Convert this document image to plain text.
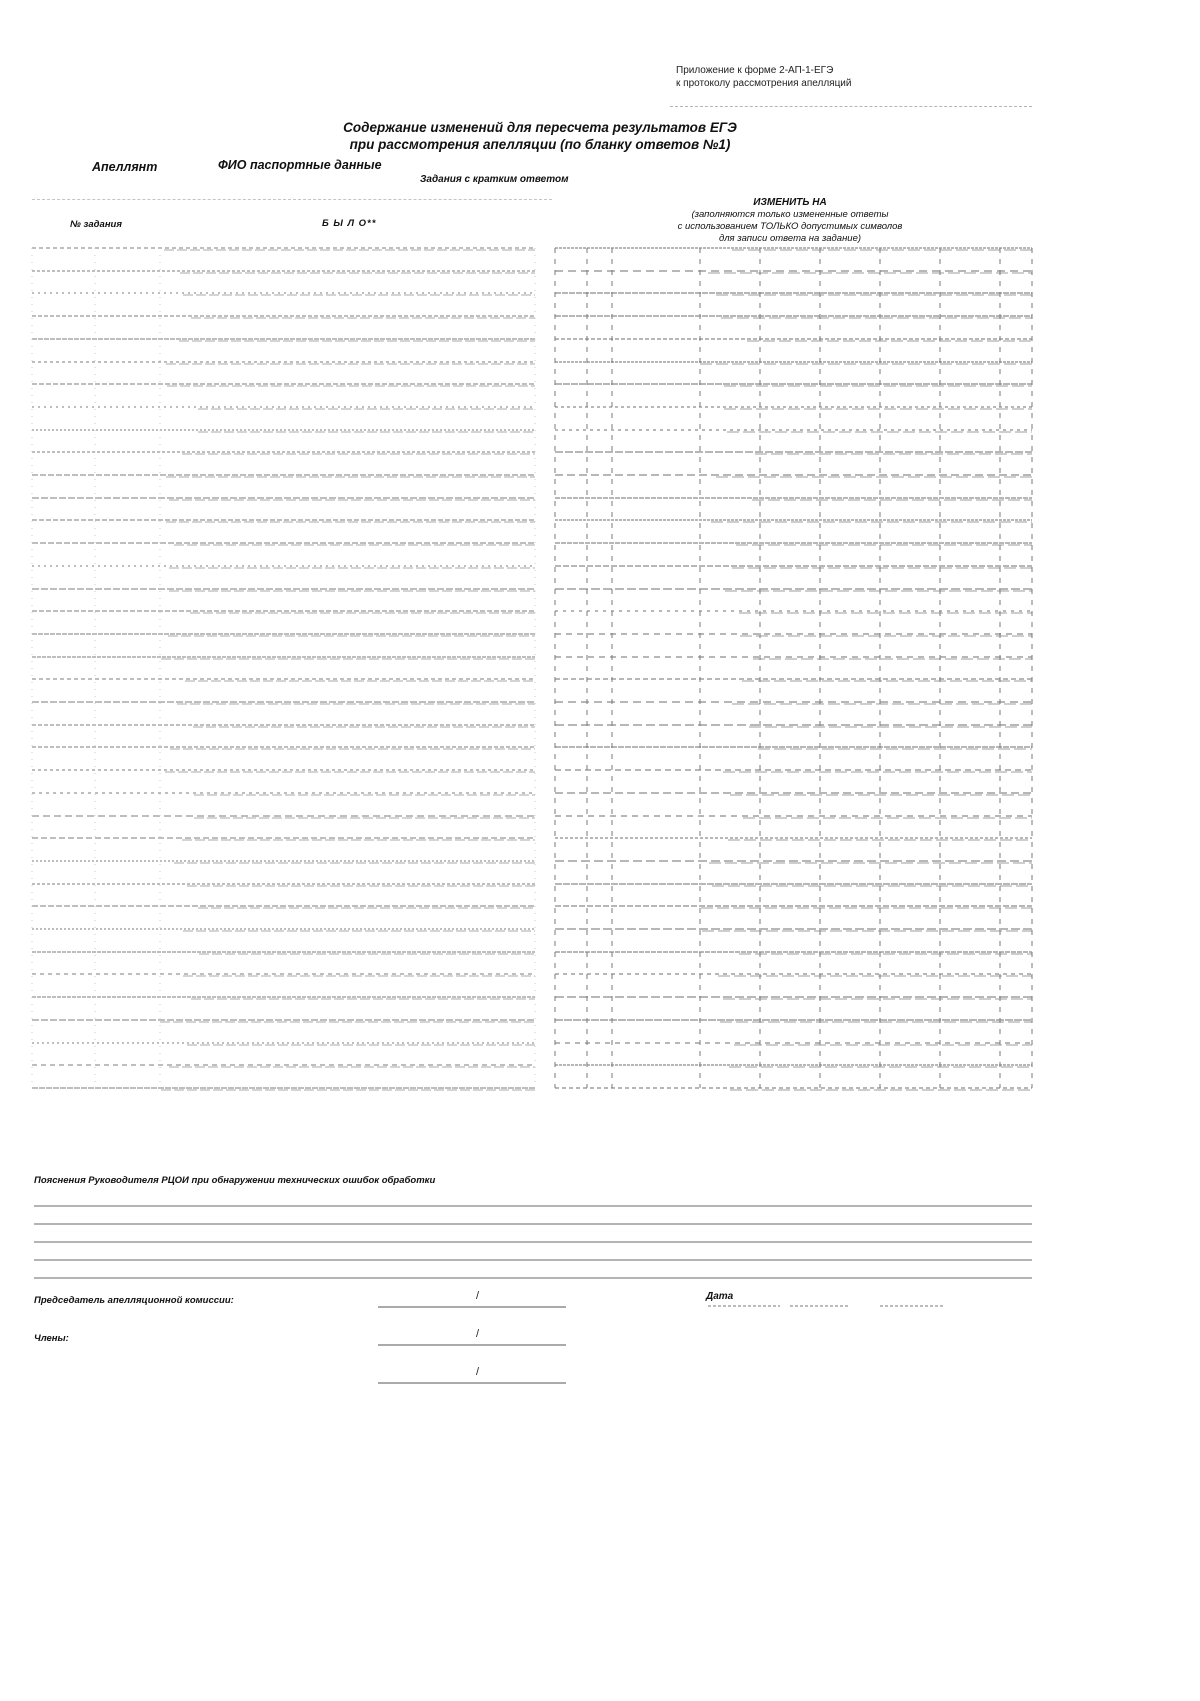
Приложение к форме 2-АП-1-ЕГЭ
к протоколу рассмотрения апелляций
Содержание изменений для пересчета результатов ЕГЭ
при рассмотрения апелляции (по бланку ответов №1)
Апеллянт	ФИО паспортные данные
Задания с кратким ответом
№ задания	Б Ы Л О**
ИЗМЕНИТЬ НА
(заполняются только измененные ответы
с использованием ТОЛЬКО допустимых символов
для записи ответа на задание)
Пояснения Руководителя РЦОИ при обнаружении технических ошибок обработки
Председатель апелляционной комиссии:
Члены:
Дата
/
/
/
